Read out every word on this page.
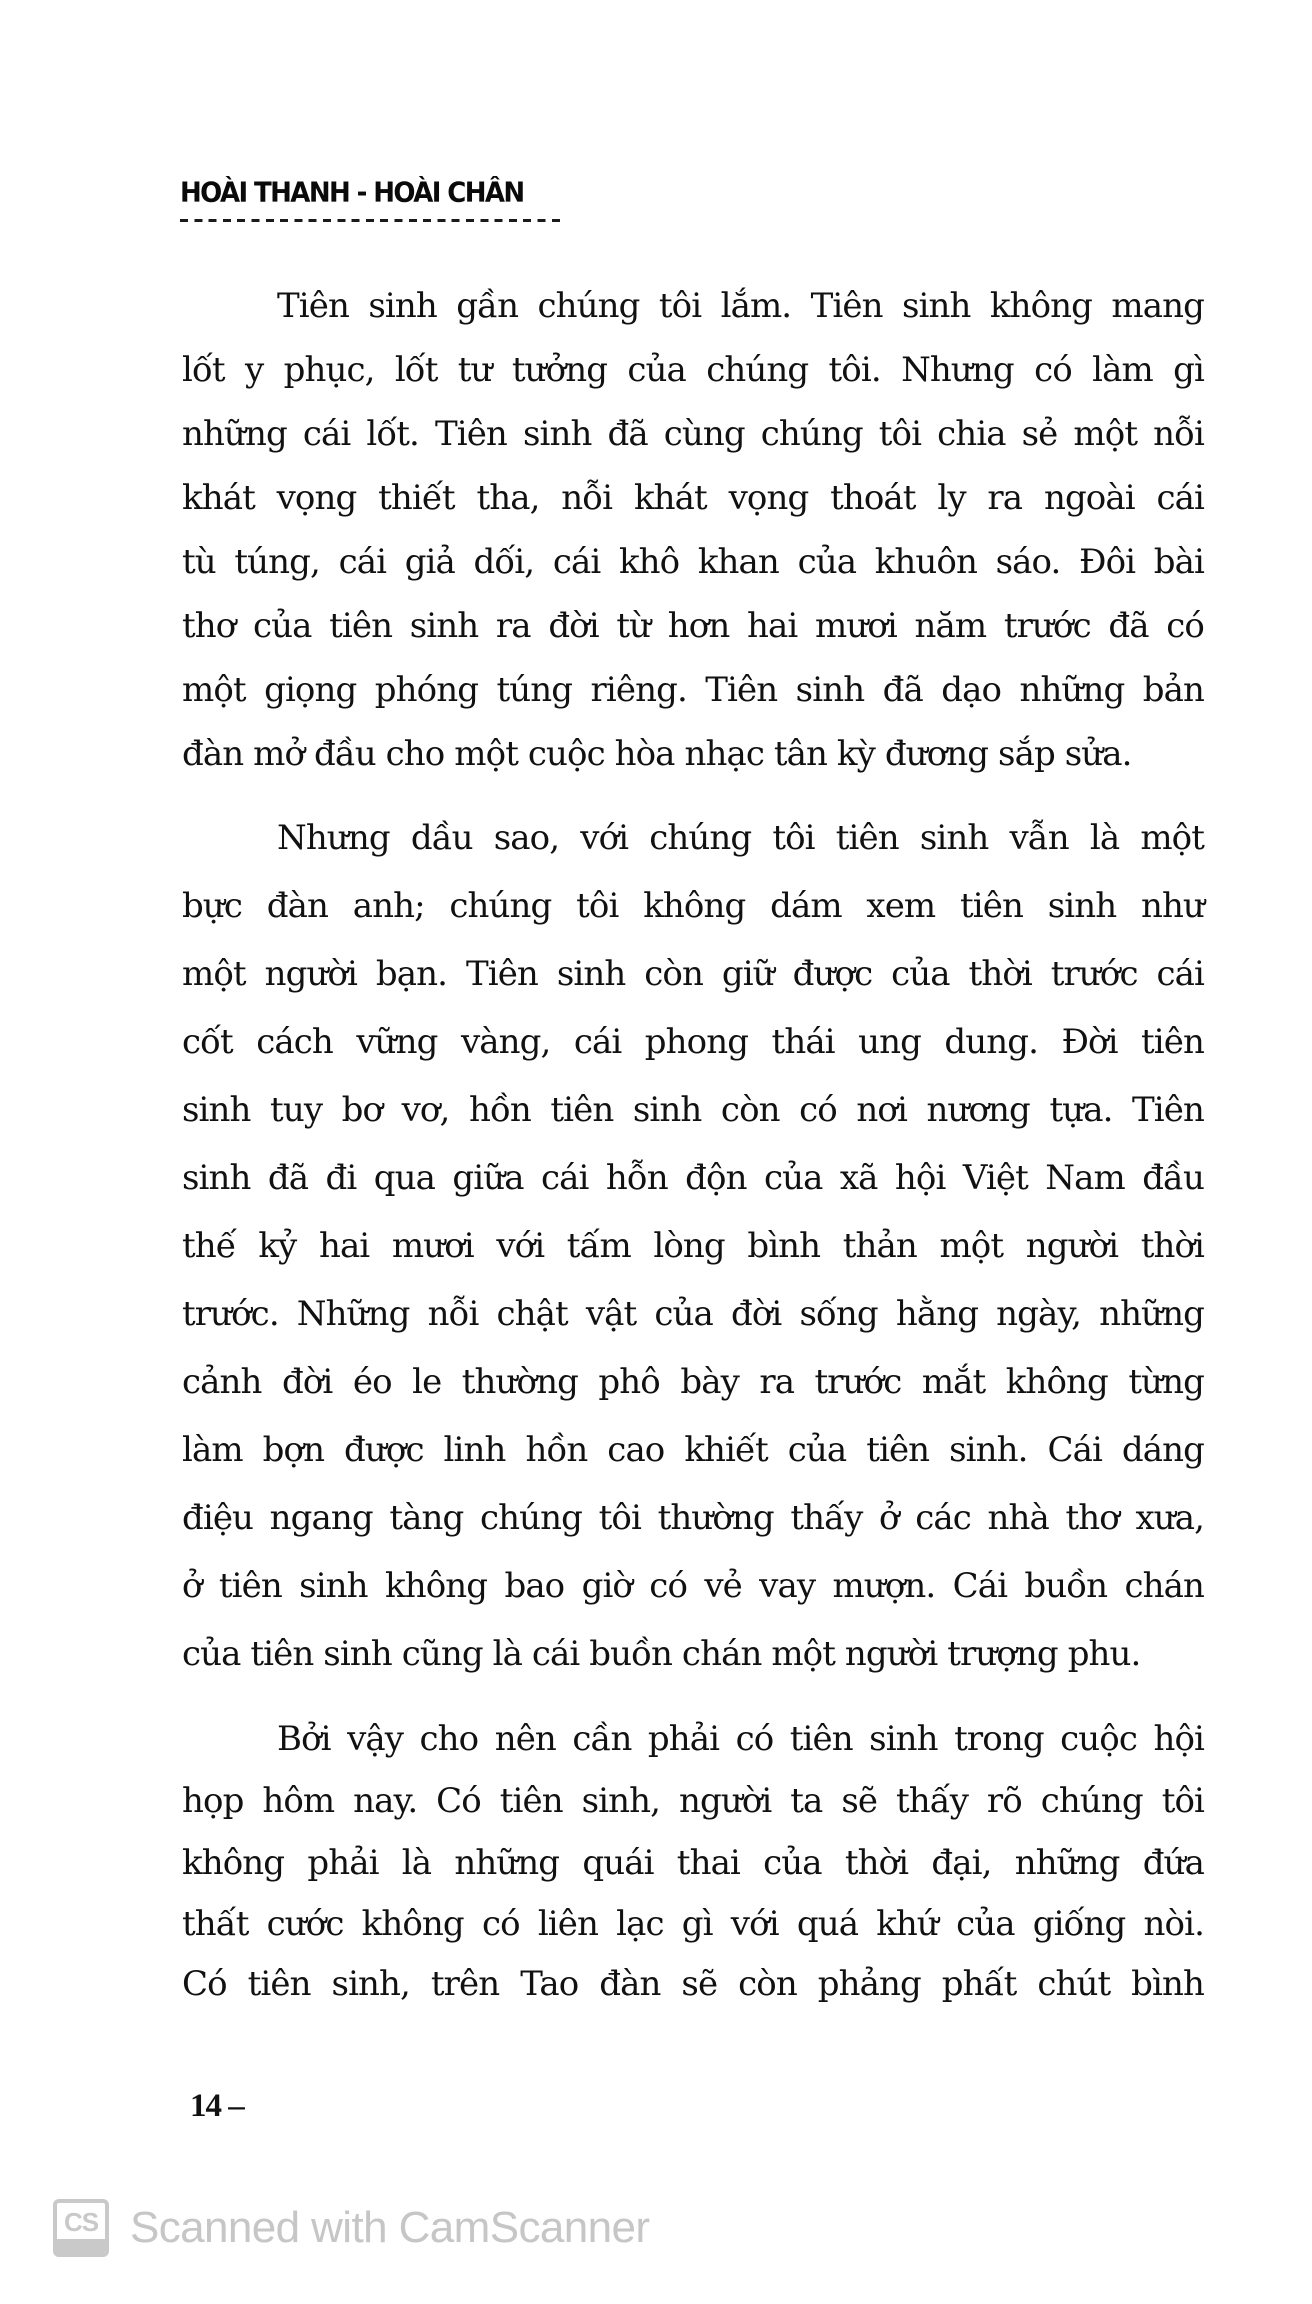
HOÀI THANH - HOÀI CHÂN
Tiên sinh gần chúng tôi lắm. Tiên sinh không mang
lốt y phục, lốt tư tưởng của chúng tôi. Nhưng có làm gì
những cái lốt. Tiên sinh đã cùng chúng tôi chia sẻ một nỗi
khát vọng thiết tha, nỗi khát vọng thoát ly ra ngoài cái
tù túng, cái giả dối, cái khô khan của khuôn sáo. Đôi bài
thơ của tiên sinh ra đời từ hơn hai mươi năm trước đã có
một giọng phóng túng riêng. Tiên sinh đã dạo những bản
đàn mở đầu cho một cuộc hòa nhạc tân kỳ đương sắp sửa.
Nhưng dầu sao, với chúng tôi tiên sinh vẫn là một
bực đàn anh; chúng tôi không dám xem tiên sinh như
một người bạn. Tiên sinh còn giữ được của thời trước cái
cốt cách vững vàng, cái phong thái ung dung. Đời tiên
sinh tuy bơ vơ, hồn tiên sinh còn có nơi nương tựa. Tiên
sinh đã đi qua giữa cái hỗn độn của xã hội Việt Nam đầu
thế kỷ hai mươi với tấm lòng bình thản một người thời
trước. Những nỗi chật vật của đời sống hằng ngày, những
cảnh đời éo le thường phô bày ra trước mắt không từng
làm bợn được linh hồn cao khiết của tiên sinh. Cái dáng
điệu ngang tàng chúng tôi thường thấy ở các nhà thơ xưa,
ở tiên sinh không bao giờ có vẻ vay mượn. Cái buồn chán
của tiên sinh cũng là cái buồn chán một người trượng phu.
Bởi vậy cho nên cần phải có tiên sinh trong cuộc hội
họp hôm nay. Có tiên sinh, người ta sẽ thấy rõ chúng tôi
không phải là những quái thai của thời đại, những đứa
thất cước không có liên lạc gì với quá khứ của giống nòi.
Có tiên sinh, trên Tao đàn sẽ còn phảng phất chút bình
14 –
CS Scanned with CamScanner
